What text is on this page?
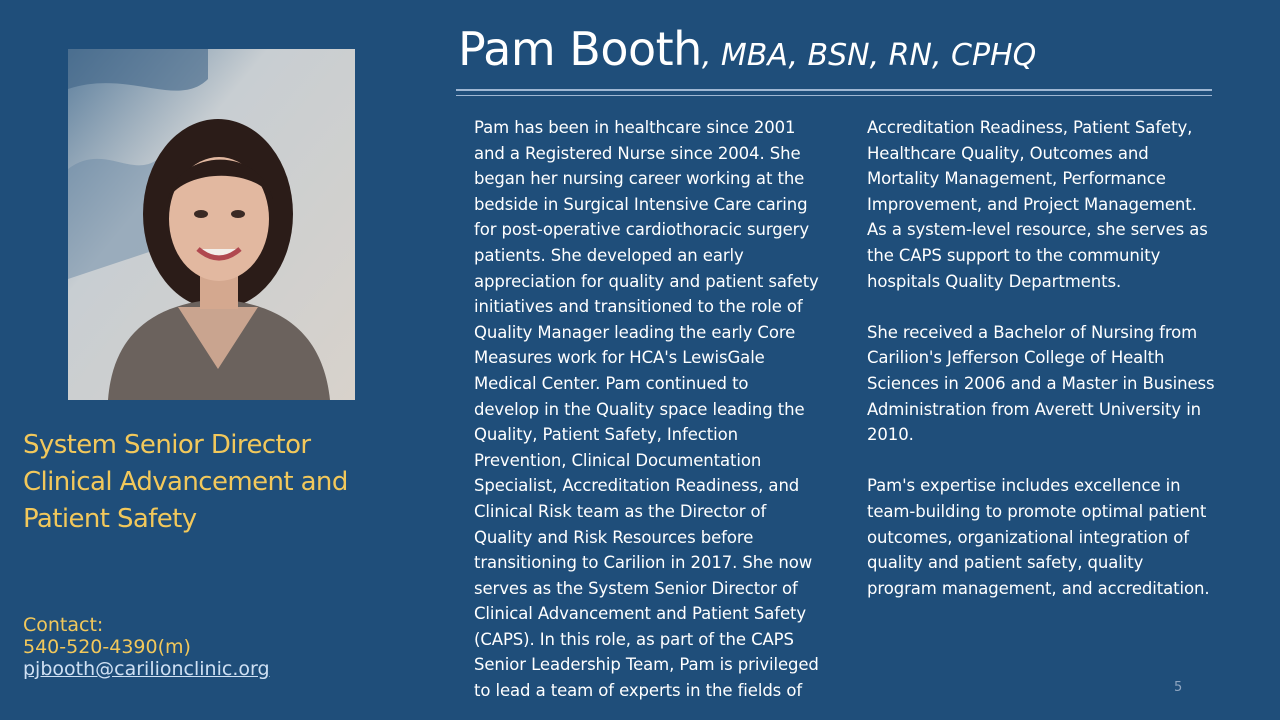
Pam Booth, MBA, BSN, RN, CPHQ
Pam has been in healthcare since 2001
and a Registered Nurse since 2004. She
began her nursing career working at the
bedside in Surgical Intensive Care caring
for post-operative cardiothoracic surgery
patients. She developed an early
appreciation for quality and patient safety
initiatives and transitioned to the role of
Quality Manager leading the early Core
Measures work for HCA's LewisGale
Medical Center. Pam continued to
develop in the Quality space leading the
Quality, Patient Safety, Infection
Prevention, Clinical Documentation
Specialist, Accreditation Readiness, and
Clinical Risk team as the Director of
Quality and Risk Resources before
transitioning to Carilion in 2017. She now
serves as the System Senior Director of
Clinical Advancement and Patient Safety
(CAPS). In this role, as part of the CAPS
Senior Leadership Team, Pam is privileged
to lead a team of experts in the fields of
Accreditation Readiness, Patient Safety,
Healthcare Quality, Outcomes and
Mortality Management, Performance
Improvement, and Project Management.
As a system-level resource, she serves as
the CAPS support to the community
hospitals Quality Departments.

She received a Bachelor of Nursing from
Carilion's Jefferson College of Health
Sciences in 2006 and a Master in Business
Administration from Averett University in
2010.

Pam's expertise includes excellence in
team-building to promote optimal patient
outcomes, organizational integration of
quality and patient safety, quality
program management, and accreditation.
System Senior Director
Clinical Advancement and
Patient Safety
Contact:
540-520-4390(m)
pjbooth@carilionclinic.org
5
